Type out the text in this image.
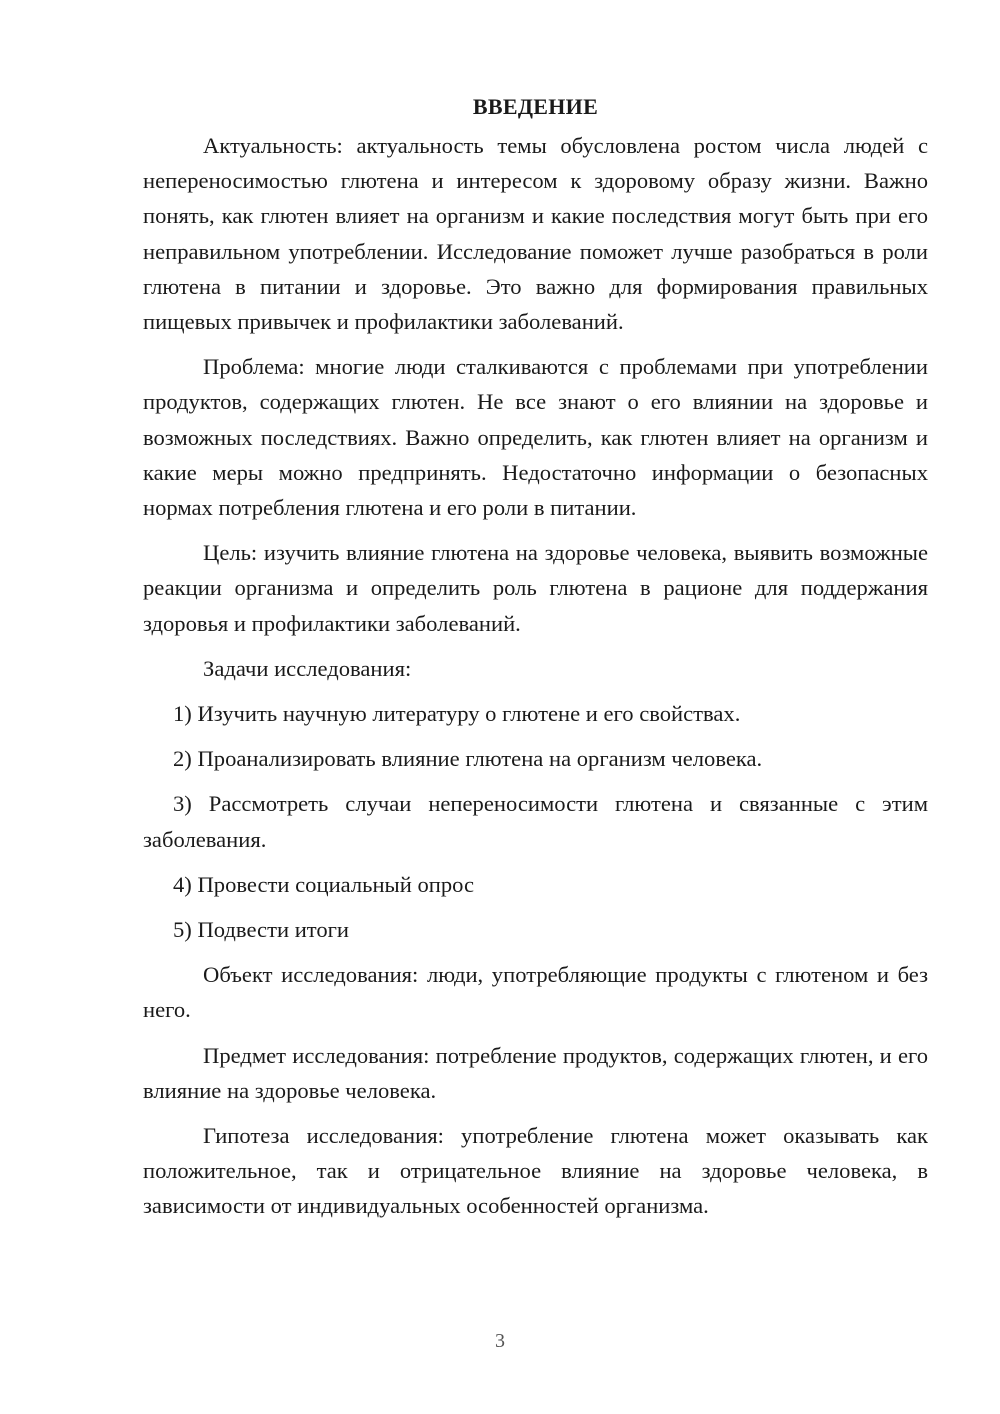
ВВЕДЕНИЕ

Актуальность: актуальность темы обусловлена ростом числа людей с непереносимостью глютена и интересом к здоровому образу жизни. Важно понять, как глютен влияет на организм и какие последствия могут быть при его неправильном употреблении. Исследование поможет лучше разобраться в роли глютена в питании и здоровье. Это важно для формирования правильных пищевых привычек и профилактики заболеваний.

Проблема: многие люди сталкиваются с проблемами при употреблении продуктов, содержащих глютен. Не все знают о его влиянии на здоровье и возможных последствиях. Важно определить, как глютен влияет на организм и какие меры можно предпринять. Недостаточно информации о безопасных нормах потребления глютена и его роли в питании.

Цель: изучить влияние глютена на здоровье человека, выявить возможные реакции организма и определить роль глютена в рационе для поддержания здоровья и профилактики заболеваний.

Задачи исследования:

1) Изучить научную литературу о глютене и его свойствах.

2) Проанализировать влияние глютена на организм человека.

3) Рассмотреть случаи непереносимости глютена и связанные с этим заболевания.

4) Провести социальный опрос

5) Подвести итоги

Объект исследования: люди, употребляющие продукты с глютеном и без него.

Предмет исследования: потребление продуктов, содержащих глютен, и его влияние на здоровье человека.

Гипотеза исследования: употребление глютена может оказывать как положительное, так и отрицательное влияние на здоровье человека, в зависимости от индивидуальных особенностей организма.

3
